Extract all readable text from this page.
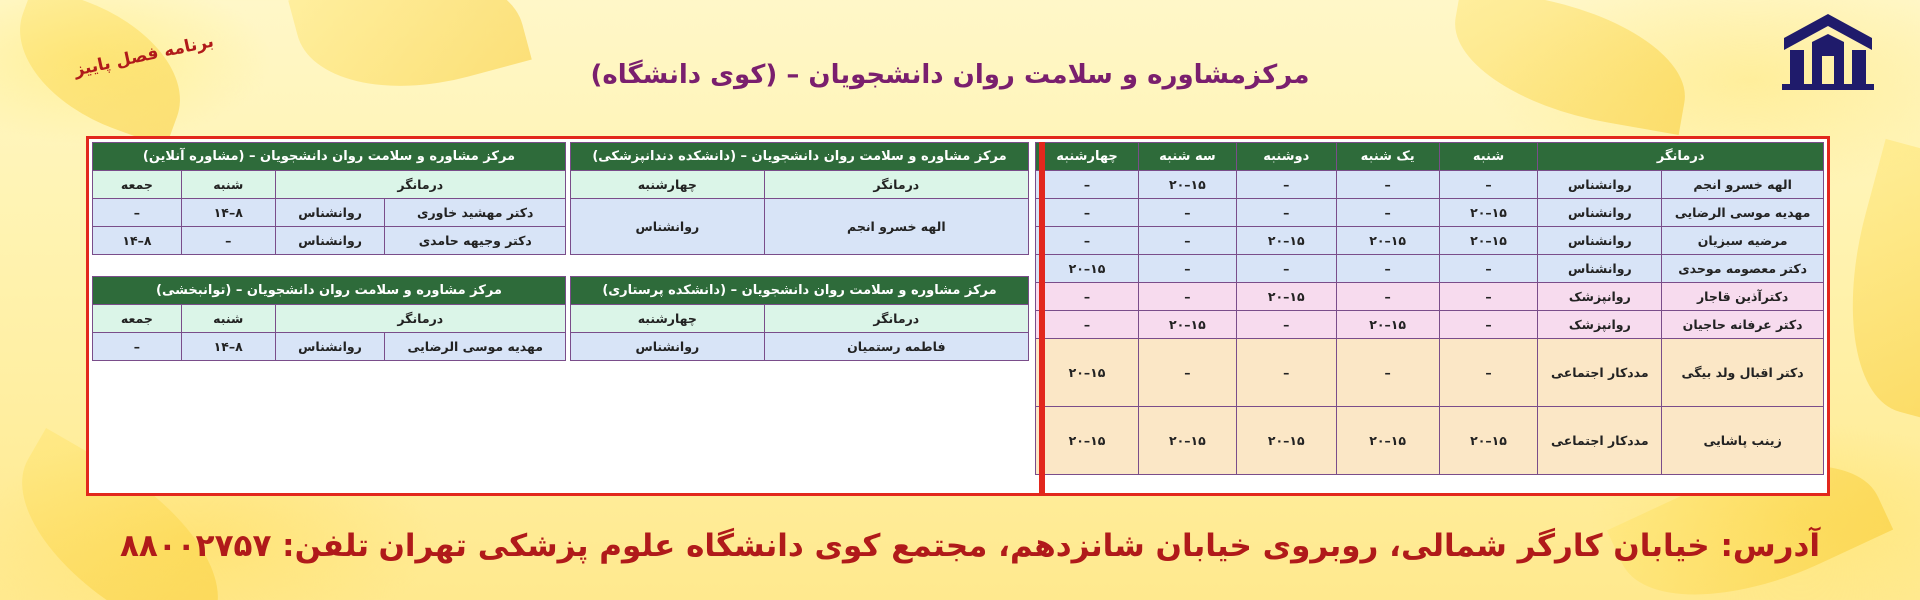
برنامه فصل پاییز	مرکزمشاوره و سلامت روان دانشجویان – (کوی دانشگاه)
درمانگر		شنبه	یک شنبه	دوشنبه	سه شنبه	چهارشنبه
الهه خسرو انجم	روانشناس	–	–	–	۱۵–۲۰	–
مهدیه موسی الرضایی	روانشناس	۱۵–۲۰	–	–	–	–
مرضیه سبزیان	روانشناس	۱۵–۲۰	۱۵–۲۰	۱۵–۲۰	–	–
دکتر معصومه موحدی	روانشناس	–	–	–	–	۱۵–۲۰
دکترآذین قاجار	روانپزشک	–	–	۱۵–۲۰	–	–
دکتر عرفانه حاجیان	روانپزشک	–	۱۵–۲۰	–	۱۵–۲۰	–
دکتر اقبال ولد بیگی	مددکار اجتماعی	–	–	–	–	۱۵–۲۰
زینب پاشایی	مددکار اجتماعی	۱۵–۲۰	۱۵–۲۰	۱۵–۲۰	۱۵–۲۰	۱۵–۲۰
مرکز مشاوره و سلامت روان دانشجویان – (دانشکده دندانپزشکی)	
درمانگر	چهارشنبه
الهه خسرو انجم	روانشناس
مرکز مشاوره و سلامت روان دانشجویان – (مشاوره آنلاین)			
درمانگر		شنبه	جمعه
دکتر مهشید خاوری	روانشناس	۸–۱۴	–
دکتر وجیهه حامدی	روانشناس	–	۸–۱۴
مرکز مشاوره و سلامت روان دانشجویان – (دانشکده پرستاری)	
درمانگر	چهارشنبه
فاطمه رستمیان	روانشناس
مرکز مشاوره و سلامت روان دانشجویان – (توانبخشی)			
درمانگر		شنبه	جمعه
مهدیه موسی الرضایی	روانشناس	۸–۱۴	–
آدرس: خیابان کارگر شمالی، روبروی خیابان شانزدهم، مجتمع کوی دانشگاه علوم پزشکی تهران
تلفن: ۸۸۰۰۲۷۵۷
